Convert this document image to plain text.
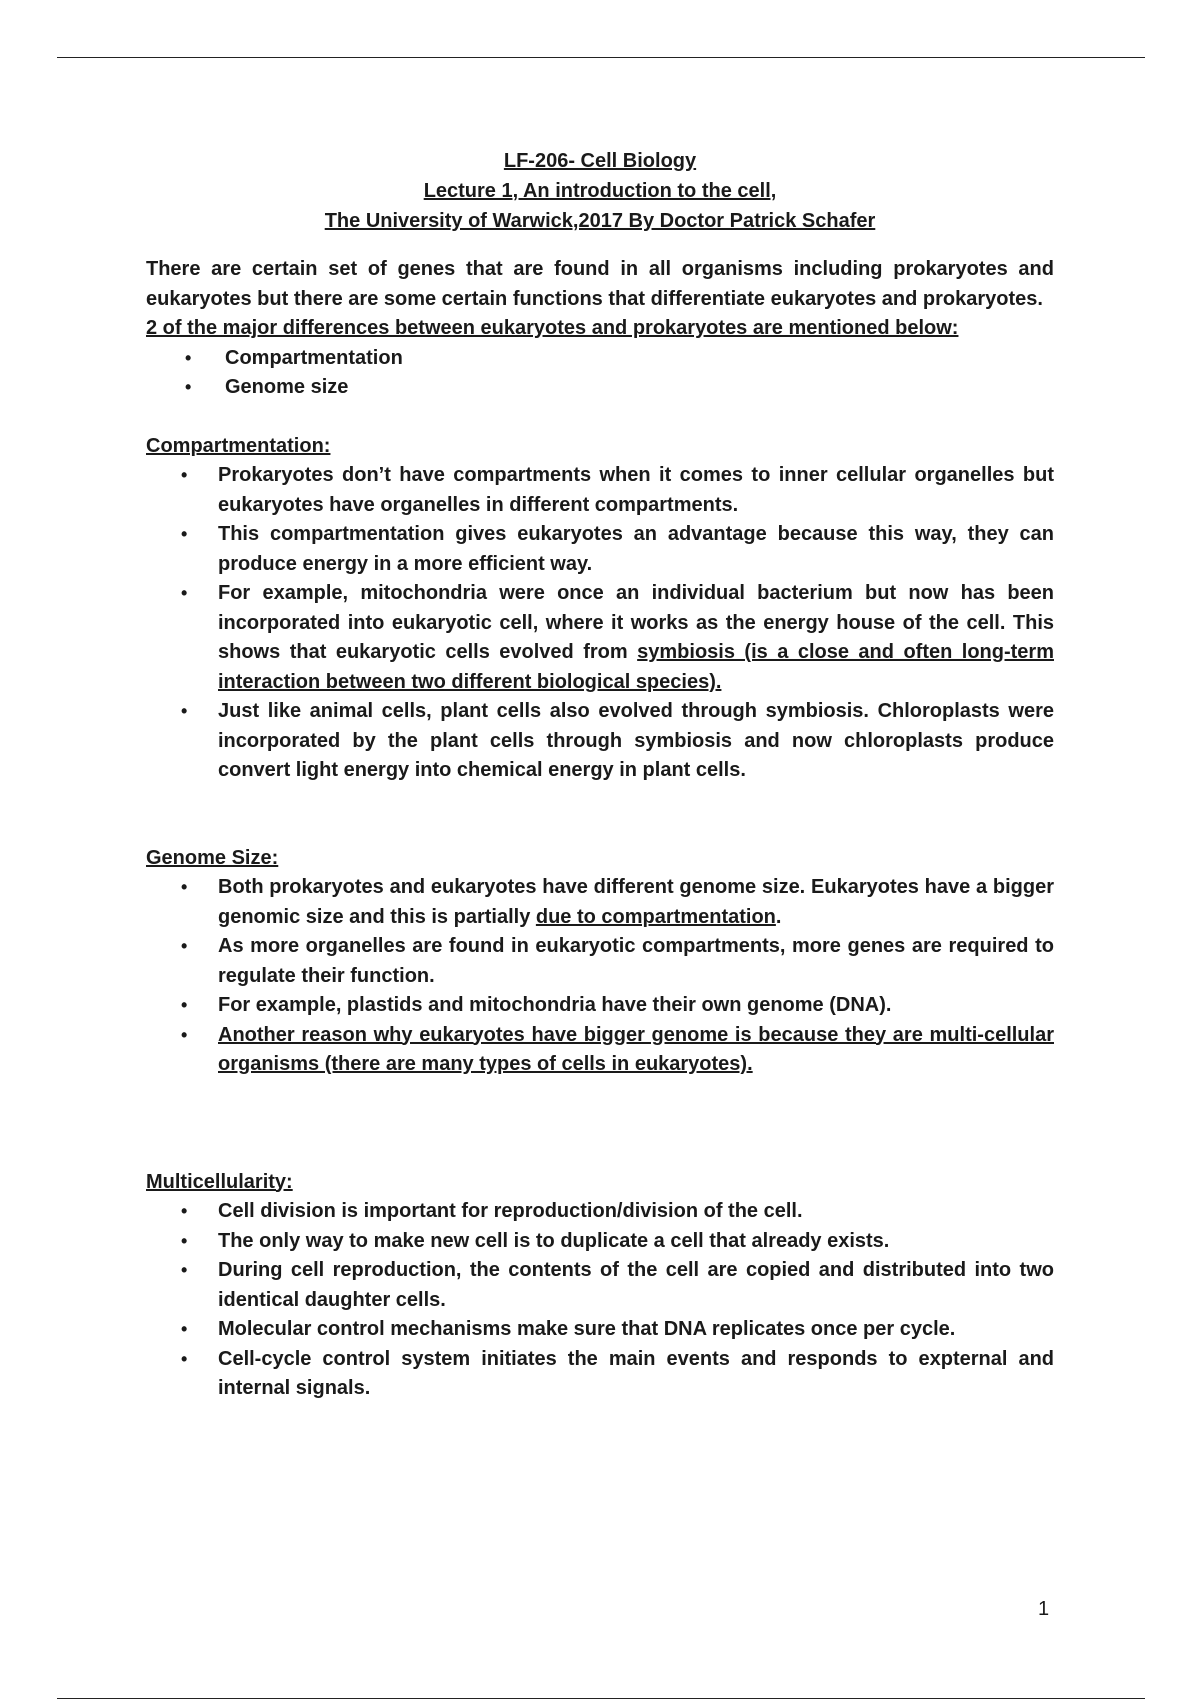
LF-206- Cell Biology
Lecture 1, An introduction to the cell,
The University of Warwick,2017 By Doctor Patrick Schafer
There are certain set of genes that are found in all organisms including prokaryotes and eukaryotes but there are some certain functions that differentiate eukaryotes and prokaryotes.
2 of the major differences between eukaryotes and prokaryotes are mentioned below:
• Compartmentation
• Genome size
Compartmentation:
• Prokaryotes don’t have compartments when it comes to inner cellular organelles but eukaryotes have organelles in different compartments.
• This compartmentation gives eukaryotes an advantage because this way, they can produce energy in a more efficient way.
• For example, mitochondria were once an individual bacterium but now has been incorporated into eukaryotic cell, where it works as the energy house of the cell. This shows that eukaryotic cells evolved from symbiosis (is a close and often long-term interaction between two different biological species).
• Just like animal cells, plant cells also evolved through symbiosis. Chloroplasts were incorporated by the plant cells through symbiosis and now chloroplasts produce convert light energy into chemical energy in plant cells.
Genome Size:
• Both prokaryotes and eukaryotes have different genome size. Eukaryotes have a bigger genomic size and this is partially due to compartmentation.
• As more organelles are found in eukaryotic compartments, more genes are required to regulate their function.
• For example, plastids and mitochondria have their own genome (DNA).
• Another reason why eukaryotes have bigger genome is because they are multi-cellular organisms (there are many types of cells in eukaryotes).
Multicellularity:
• Cell division is important for reproduction/division of the cell.
• The only way to make new cell is to duplicate a cell that already exists.
• During cell reproduction, the contents of the cell are copied and distributed into two identical daughter cells.
• Molecular control mechanisms make sure that DNA replicates once per cycle.
• Cell-cycle control system initiates the main events and responds to expternal and internal signals.
1
